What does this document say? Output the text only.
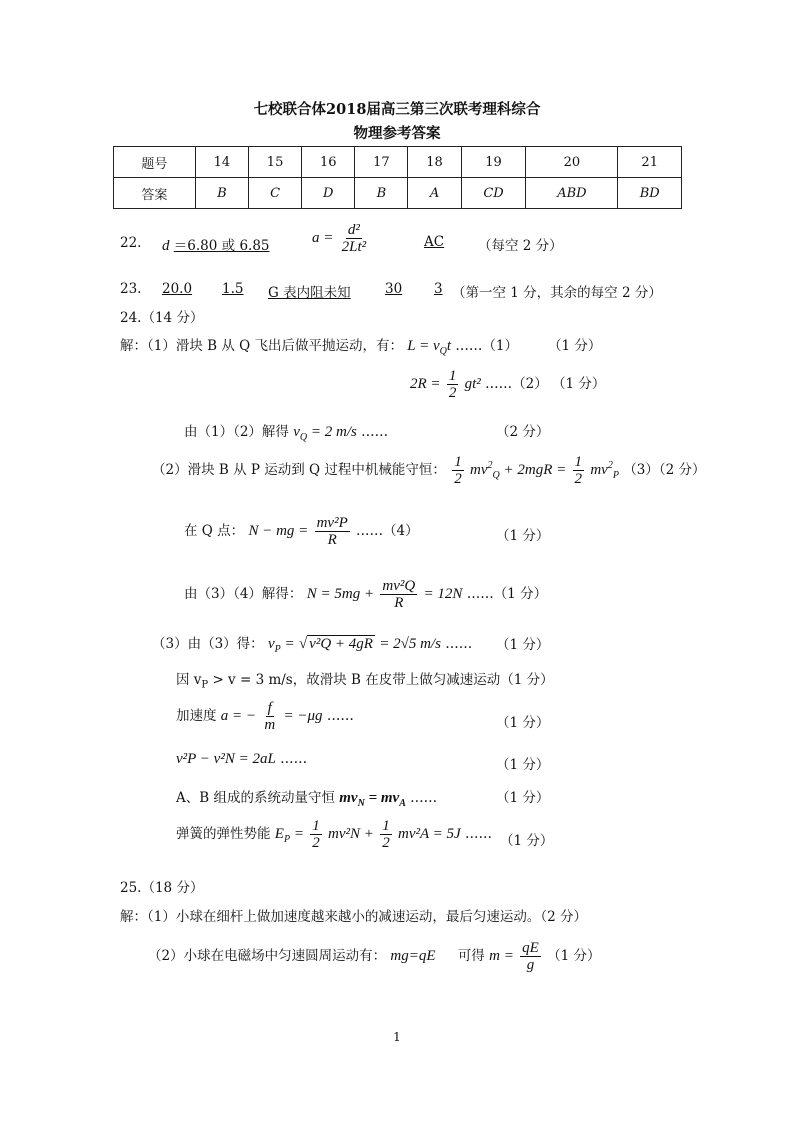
七校联合体2018届高三第三次联考理科综合
物理参考答案
题号	14	15	16	17	18	19	20	21
答案	B	C	D	B	A	CD	ABD	BD
22. d ＝6.80 或 6.85	$a = \frac{\text{d²}}{\text{2Lt²}}$	AC	（每空 2 分）
23. 20.0	1.5	G 表内阻未知	30	3 （第一空 1 分，其余的每空 2 分）
24.（14 分）
解：（1）滑块 B 从 Q 飞出后做平抛运动，有： $L = v_Qt$ ……（1） （1 分）
$2R = \frac{1}{2} gt^2$ ……（2） （1 分）
由（1）（2）解得 $v_Q = 2$ m/s ……	（2 分）
（2）滑块 B 从 P 运动到 Q 过程中机械能守恒： $\frac{1}{2} mv^2_Q + 2mgR = \frac{1}{2} mv^2_P$ （3）（2 分）
在 Q 点： N − mg = $\frac{\text{mv²P}}{R}$ ……（4）	（1 分）
由（3）（4）解得： $N = 5mg + \frac{\text{mv²Q}}{R} = 12N$ ……（1 分）
（3）由（3）得： $v_P$ = √ v²Q + 4gR = 2√5 m/s …… （1 分）
因 $v_P > v = 3$ m/s，故滑块 B 在皮带上做匀减速运动（1 分）
加速度 a = − $\frac{f}{m} = -\mu g$ ……	（1 分）
v²P − v²N = 2aL ……	（1 分）
A、B 组成的系统动量守恒 $mv_N = mv_A$ ……	（1 分）
弹簧的弹性势能 $E_P = \frac{1}{2} mv^2N + \frac{1}{2} mv^2A = 5J$ …… （1 分）
25.（18 分）
解：（1）小球在细杆上做加速度越来越小的减速运动，最后匀速运动。（2 分）
（2）小球在电磁场中匀速圆周运动有： mg=qE 可得 $m = \frac{qE}{g} (1$ 分）
1
